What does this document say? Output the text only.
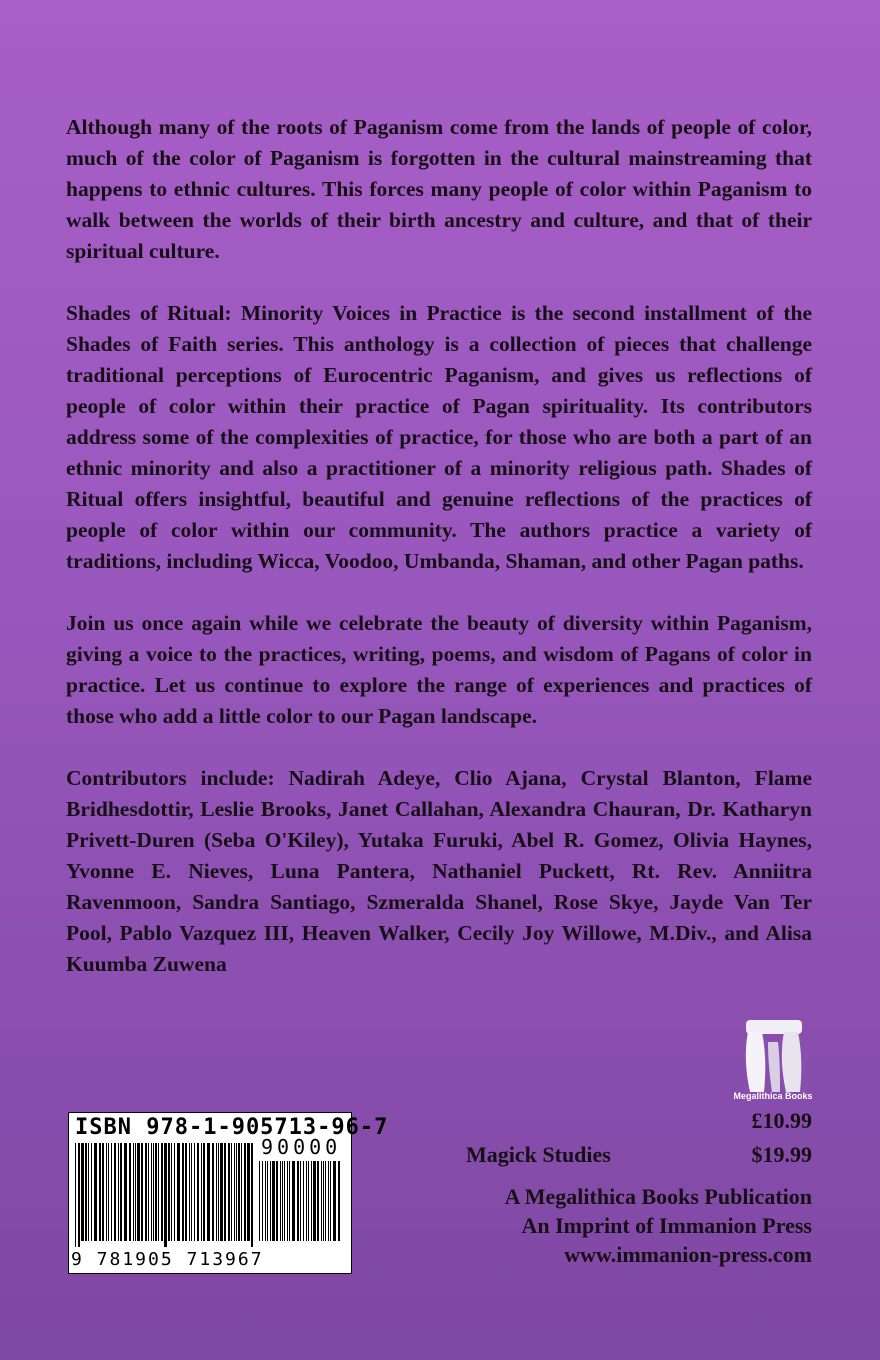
Although many of the roots of Paganism come from the lands of people of color, much of the color of Paganism is forgotten in the cultural mainstreaming that happens to ethnic cultures. This forces many people of color within Paganism to walk between the worlds of their birth ancestry and culture, and that of their spiritual culture.

Shades of Ritual: Minority Voices in Practice is the second installment of the Shades of Faith series. This anthology is a collection of pieces that challenge traditional perceptions of Eurocentric Paganism, and gives us reflections of people of color within their practice of Pagan spirituality. Its contributors address some of the complexities of practice, for those who are both a part of an ethnic minority and also a practitioner of a minority religious path. Shades of Ritual offers insightful, beautiful and genuine reflections of the practices of people of color within our community. The authors practice a variety of traditions, including Wicca, Voodoo, Umbanda, Shaman, and other Pagan paths.

Join us once again while we celebrate the beauty of diversity within Paganism, giving a voice to the practices, writing, poems, and wisdom of Pagans of color in practice. Let us continue to explore the range of experiences and practices of those who add a little color to our Pagan landscape.

Contributors include: Nadirah Adeye, Clio Ajana, Crystal Blanton, Flame Bridhesdottir, Leslie Brooks, Janet Callahan, Alexandra Chauran, Dr. Katharyn Privett-Duren (Seba O'Kiley), Yutaka Furuki, Abel R. Gomez, Olivia Haynes, Yvonne E. Nieves, Luna Pantera, Nathaniel Puckett, Rt. Rev. Anniitra Ravenmoon, Sandra Santiago, Szmeralda Shanel, Rose Skye, Jayde Van Ter Pool, Pablo Vazquez III, Heaven Walker, Cecily Joy Willowe, M.Div., and Alisa Kuumba Zuwena

Megalithica Books
ISBN 978-1-905713-96-7
90000
9 781905 713967
£10.99
Magick Studies	$19.99
A Megalithica Books Publication
An Imprint of Immanion Press
www.immanion-press.com
